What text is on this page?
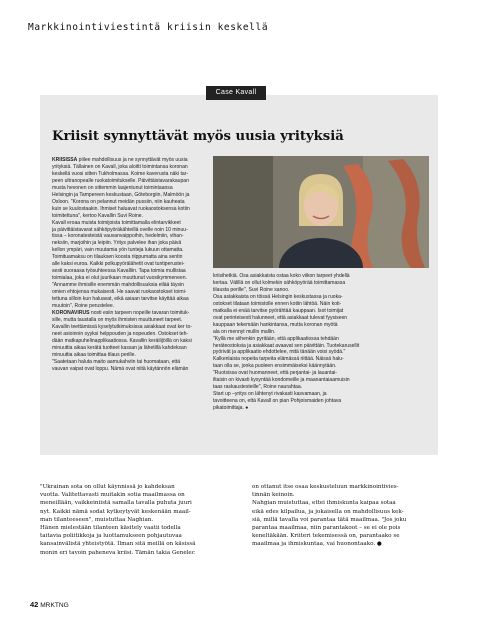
Markkinointiviestintä kriisin keskellä
Case Kavall
Kriisit synnyttävät myös uusia yrityksiä
KRIISISSÄ piilee mahdollisuus ja ne synnyttävät myös uusia
yrityksiä. Tällainen on Kavall, joka aloitti toimintansa koronan
keskellä vuosi sitten Tukholmassa. Koime kaverusta näki tar-
peen ultranopealle ruokatoimitukselle. Päivittäistavarakaupan
musta hevonen on sittemmin laajentunut toimintaansa
Helsingin ja Tampereen keskustaan, Göteborgiin, Malmöön ja
Osloon. "Korona on pelannut meidän pussiin, niin kauheata
kuin se kuulostaakin. Ihmiset haluavat ruokaostoksensa kotiin
toimitettuna", kertoo Kavallin Suvi Roine.
Kavall eroaa muista toimijoista toimittamalla elintarvikkeet
ja päivittäistavarat sähköpyöräkähteillä ovelle noin 10 minuu-
tissa – koronatesteistä vauvanvaippoihin, hedelmiin, vihan-
neksiin, marjoihin ja leipiin. Yritys palvelee ihan joka päivä
kellon ympäri, vain muutamia yön tunteja lukuun ottamatta.
Toimituamaksu on tilauksen koosta riippumatta aina sentin
alle kaksi euroa. Kaikki polkupyörälähetit ovat tuntiperustei-
sesti suoraasa työsuhteessa Kavalliin. Tapa toimia mullistaa
toimialaa, joka ei olut juurikaan muuttunut vuosikymmeneen.
"Annamme ihmisille enemmän mahdollisuuksia eilää täysin
omien ehtojensa mukaisesti. He saavat ruokaostokset toimi-
tettuna silloin kun haluavat, eikä asiaan tarvitse käyttää aikaa
muutoin", Roine perustelee.
KORONAVIRUS nosti esiin tarpeen nopeille tavaran toimituk-
sille, mutta taustalla on myös ihmisten muuttuneet tarpeet.
Kavallin teettämissä kyselytutkimuksissa asiakkaat ovat ker to-
neet asioinnin syyksi helppouden ja nopeuden. Ostokset teh-
dään matkapuhelinapplikaatiossa. Kavallin keräilijöillä on kaksi
minuuttia aikaa kerätä tuotteet kassan ja lähetillä kahdeksan
minuuttia aikaa toimittaa tilaus perille.
"Saatetaan haluta maito aamukahviin tai huomataan, että
vauvan vaipat ovat loppu. Nämä ovat niitä käytännön elämän
kriisihetkiä. Osa asiakkaista ostaa koko viikon tarpeet yhdellä
kertaa. Välillä on ollut kolmekin sähköpyörää toimittamassa
tilausta perille", Suvi Roine sanoo.
Osa asiakkaista on töissä Helsingin keskustassa ja ruoka-
ostokset tilataan toimistolle ennen kotiin lähtöä. Näin koti-
matkalla ei enää tarvitse pyörähtää kauppaan. Isot toimijat
ovat perinteisesti halunneet, että asiakkaat tulevat fyysiseen
kauppaan tekemään hankintansa, mutta koronan myötä
ala on mennyt mullin mallin.
"Kyllä me siihenkin pyritään, että applikaatiossa tehdään
heräteostoksia ja asiakkaat avaavat sen päivittäin. Tuotekarusellit
pyörivät ja applikaatio ehdottelee, mitä tänään voisi syödä."
Kalkenlaisia nopeita tarpeita elämässä riittää. Näissä halu-
taan olla se, jonka puoleen ensimmäiseksi käännytään.
"Ruotsissa ovat huomanneet, että perjantai- ja lauantai-
iltaisin on kivasti kysyntää kondomeille ja maanantaiaamuisin
taas raskaustesteille", Roine naurahtaa.
Start up –yritys on lähtenyt rivakasti kasvamaan, ja
tavoitteena on, että Kavall on pian Pohjoismaiden johtava
pikatoimittaja. ●
"Ukrainan sota on ollut käynnissä jo kahdeksan
vuotta. Valitettavasti muitakin sotia maailmassa on
meneillään, vaikkeiniistä samalla tavalla puhuta juuri
nyt. Kaikki nämä sodat kytkeytyvät keskenään maail-
man tilanteeseen", muistuttaa Naghian.
Hänen mielestään tilanteen käsitely vaatii todella
taitavia poliitikkoja ja luottamukseen pohjautuvaa
kansainvälistä yhteistyötä. Ilman sitä meillä on käsissä
monin eri tavoin paheneva kriisi. Tämän takia Genelec
on ottanut itse osaa keskusteluun markkinointivies-
tinnän keinoin.
Nahgian muistuttaa, ettei ihmiskunta kaipaa sotaa
eikä edes kilpailua, ja jokaisella on mahdollisuus kek-
siä, millä tavalla voi parantaa tätä maailmaa. "Jos joku
parantaa maailmaa, niin parantakoot – se ei ole pois
keneltäkään. Kriiteri tekemisessä on, parantaako se
maailmaa ja ihmiskuntaa, vai huonontaako. ●
42 MRKTNG
